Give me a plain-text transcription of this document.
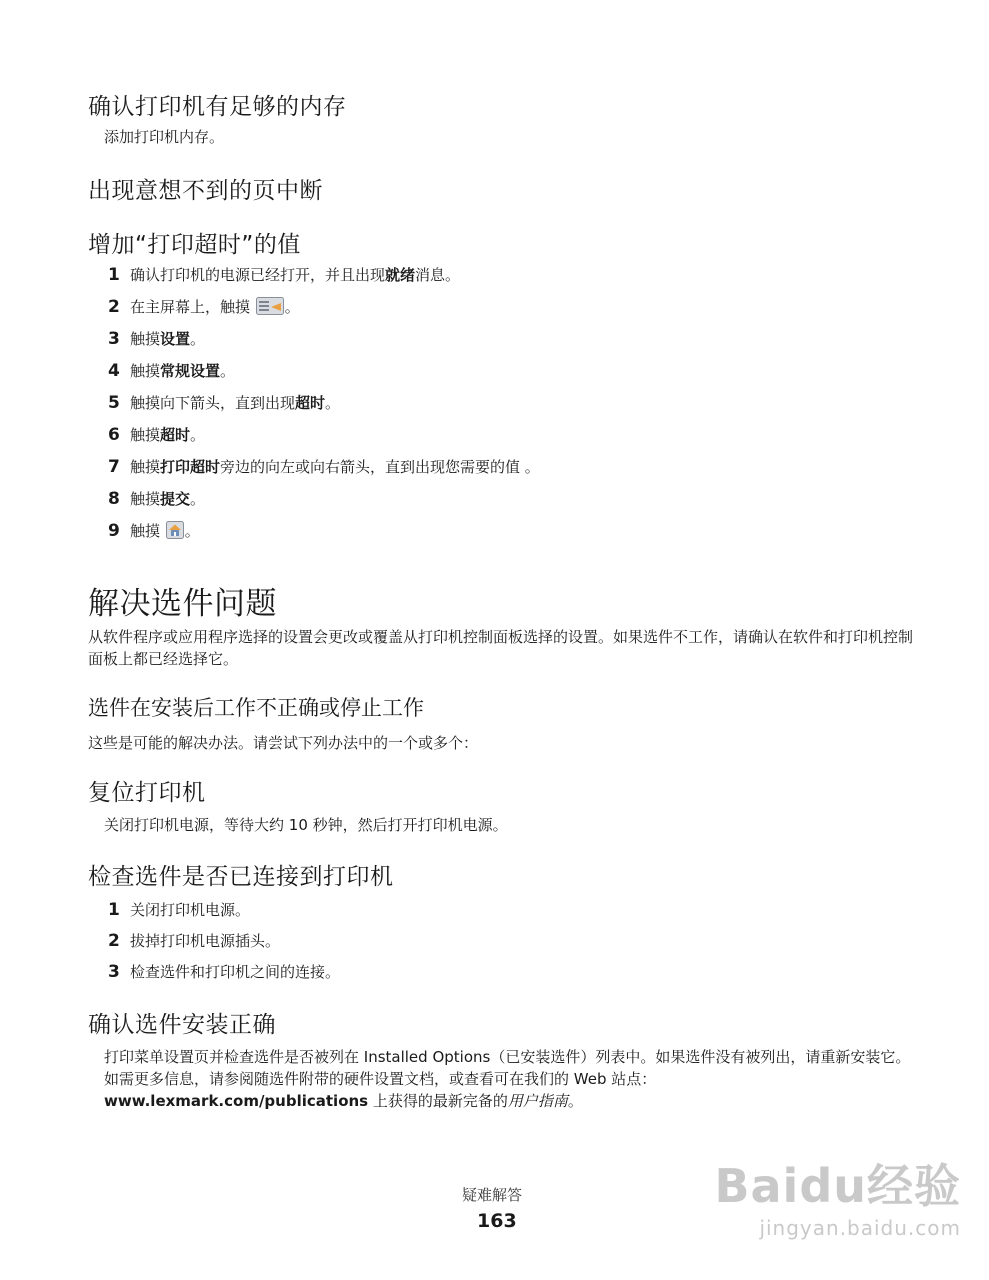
确认打印机有足够的内存
添加打印机内存。
出现意想不到的页中断
增加“打印超时”的值
1 确认打印机的电源已经打开，并且出现就绪消息。
2 在主屏幕上，触摸 。
3 触摸设置。
4 触摸常规设置。
5 触摸向下箭头，直到出现超时。
6 触摸超时。
7 触摸打印超时旁边的向左或向右箭头，直到出现您需要的值 。
8 触摸提交。
9 触摸 。
解决选件问题
从软件程序或应用程序选择的设置会更改或覆盖从打印机控制面板选择的设置。如果选件不工作，请确认在软件和打印机控制面板上都已经选择它。
选件在安装后工作不正确或停止工作
这些是可能的解决办法。请尝试下列办法中的一个或多个：
复位打印机
关闭打印机电源，等待大约 10 秒钟，然后打开打印机电源。
检查选件是否已连接到打印机
1 关闭打印机电源。
2 拔掉打印机电源插头。
3 检查选件和打印机之间的连接。
确认选件安装正确
打印菜单设置页并检查选件是否被列在 Installed Options（已安装选件）列表中。如果选件没有被列出，请重新安装它。如需更多信息，请参阅随选件附带的硬件设置文档，或查看可在我们的 Web 站点：www.lexmark.com/publications 上获得的最新完备的用户指南。
疑难解答
163
Baidu经验
jingyan.baidu.com
